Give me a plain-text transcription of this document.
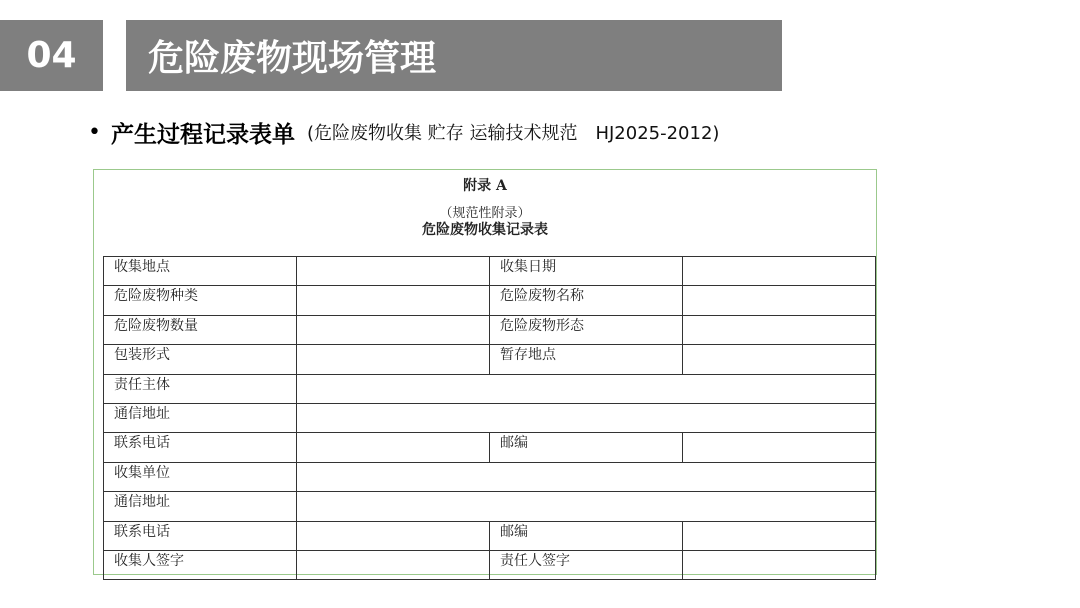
04 危险废物现场管理
• 产生过程记录表单 (危险废物收集 贮存 运输技术规范　HJ2025-2012)
附录 A
（规范性附录）
危险废物收集记录表
收集地点		收集日期	
危险废物种类		危险废物名称	
危险废物数量		危险废物形态	
包装形式		暂存地点	
责任主体			
通信地址			
联系电话		邮编	
收集单位			
通信地址			
联系电话		邮编	
收集人签字		责任人签字	
